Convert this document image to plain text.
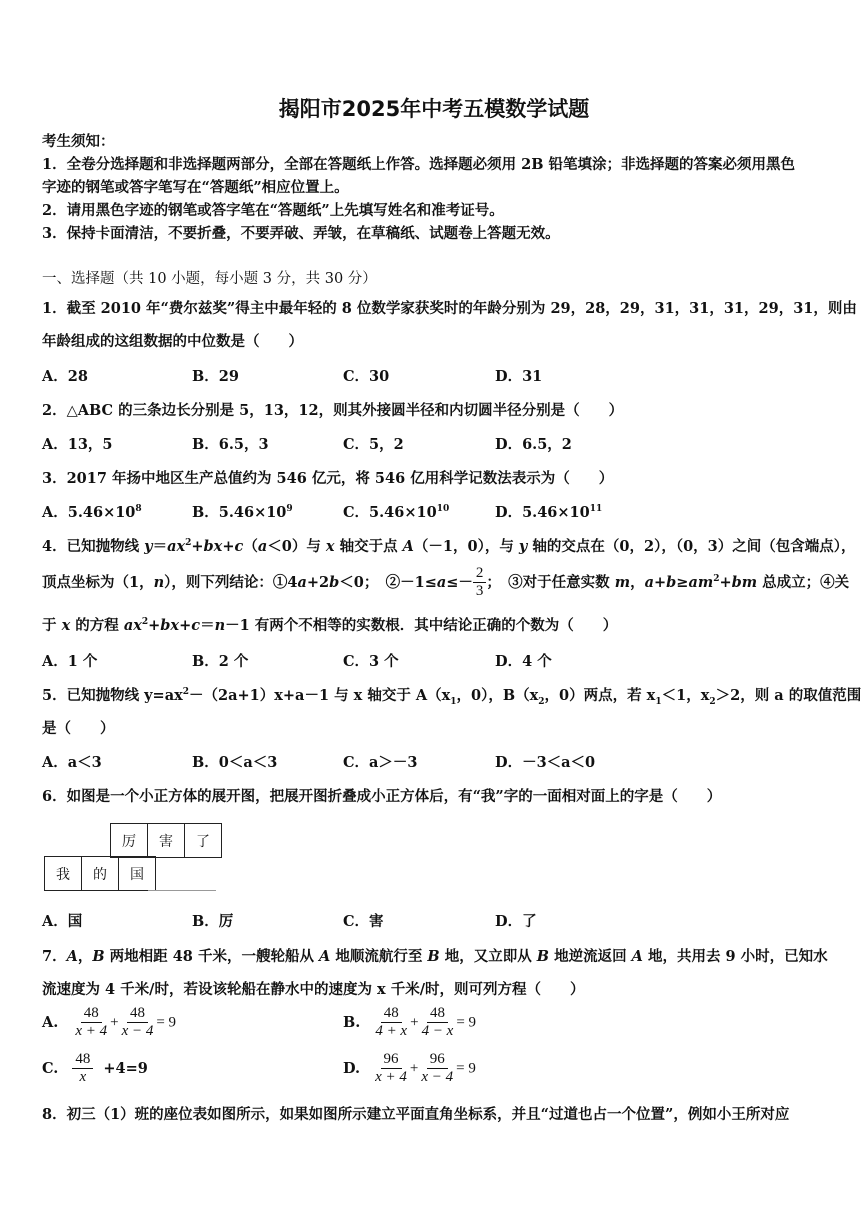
揭阳市2025年中考五模数学试题
考生须知：
1．全卷分选择题和非选择题两部分，全部在答题纸上作答。选择题必须用 2B 铅笔填涂；非选择题的答案必须用黑色
字迹的钢笔或答字笔写在“答题纸”相应位置上。
2．请用黑色字迹的钢笔或答字笔在“答题纸”上先填写姓名和准考证号。
3．保持卡面清洁，不要折叠，不要弄破、弄皱，在草稿纸、试题卷上答题无效。
一、选择题（共 10 小题，每小题 3 分，共 30 分）
1．截至 2010 年“费尔兹奖”得主中最年轻的 8 位数学家获奖时的年龄分别为 29，28，29，31，31，31，29，31，则由
年龄组成的这组数据的中位数是（　　）
A．28	B．29	C．30	D．31
2．△ABC 的三条边长分别是 5，13，12，则其外接圆半径和内切圆半径分别是（　　）
A．13，5	B．6.5，3	C．5，2	D．6.5，2
3．2017 年扬中地区生产总值约为 546 亿元，将 546 亿用科学记数法表示为（　　）
A．$5.46\times 10^8$	B．$5.46\times 10^9$	C．$5.46\times 10^{10}$	D．$5.46\times 10^{11}$
4．已知抛物线 $y=ax^2+bx+c(a<0)$与 x 轴交于点 A（－1，0），与 y 轴的交点在（0，2），（0，3）之间（包含端点），
顶点坐标为（1，n），则下列结论：①4a+2b＜0；　②－1≤a≤－ $\frac{2}{3}$ ；　③对于任意实数 m，$a+b\ge am^2+bm$ 总成立；④关
于 x 的方程 $ax^2+bx+c=n-1$ 有两个不相等的实数根．其中结论正确的个数为（　　）
A．1 个	B．2 个	C．3 个	D．4 个
5．已知抛物线 $y=ax^2-(2a+1)x+a-1$ 与 x 轴交于 $A(x_1$，0），$B(x_2$，0）两点，若 $x_1<1$，$x_2>2$，则 a 的取值范围
是（　　）
A．a＜3	B．0＜a＜3	C．a＞－3	D．－3＜a＜0
6．如图是一个小正方体的展开图，把展开图折叠成小正方体后，有“我”字的一面相对面上的字是（　　）
厉	害	了
我	的	国
A．国	B．厉	C．害	D．了
7．A，B 两地相距 48 千米，一艘轮船从 A 地顺流航行至 B 地，又立即从 B 地逆流返回 A 地，共用去 9 小时，已知水
流速度为 4 千米/时，若设该轮船在静水中的速度为 x 千米/时，则可列方程（　　）
A. $\frac{48}{x + 4} + \frac{48}{x - 4} = 9$	B. $\frac{48}{4 + x} + \frac{48}{4 - x} = 9$
C. $\frac{48}{x} +4=9$	D. $\frac{96}{x + 4} + \frac{96}{x - 4} = 9$
8．初三（1）班的座位表如图所示，如果如图所示建立平面直角坐标系，并且“过道也占一个位置”，例如小王所对应
